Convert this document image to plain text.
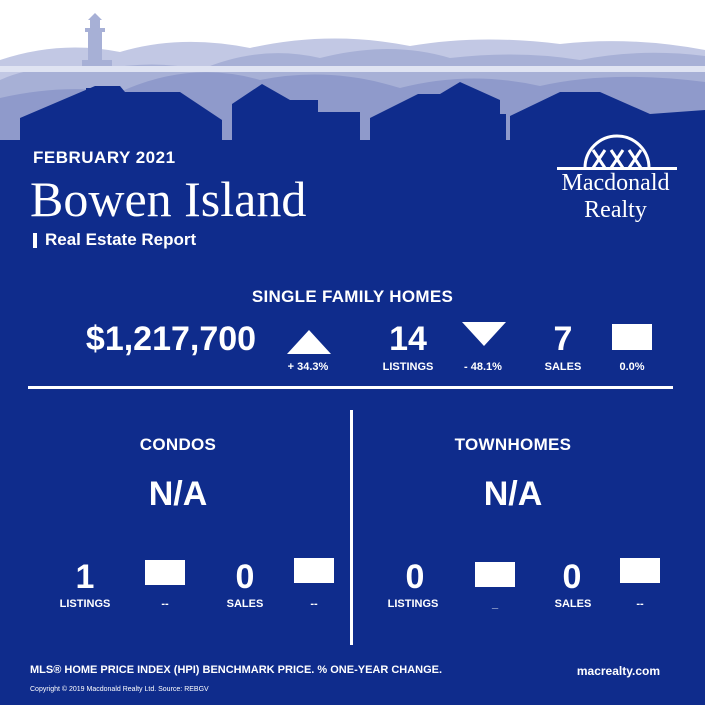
FEBRUARY 2021
Bowen Island
Real Estate Report
Macdonald
Realty
SINGLE FAMILY HOMES
$1,217,700
+ 34.3%
14
LISTINGS	- 48.1%
7
SALES	0.0%
CONDOS
N/A
1
LISTINGS	--
0
SALES	--
TOWNHOMES
N/A
0
LISTINGS	_
0
SALES	--
MLS® HOME PRICE INDEX (HPI) BENCHMARK PRICE. % ONE-YEAR CHANGE.
Copyright © 2019 Macdonald Realty Ltd. Source: REBGV
macrealty.com
